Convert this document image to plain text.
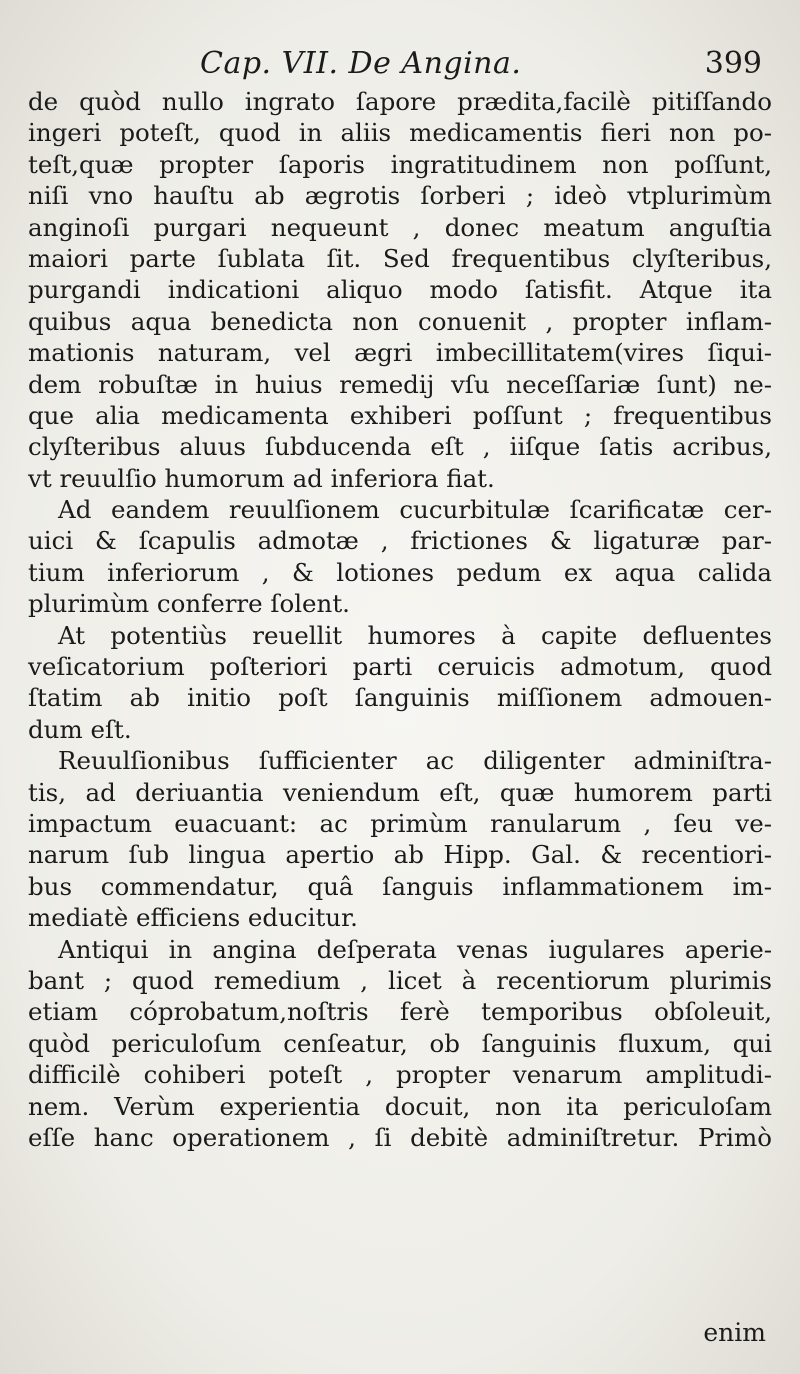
Cap. VII. De Angina.	399
de quòd nullo ingrato ſapore prædita,facilè pitiſſando
ingeri poteſt, quod in aliis medicamentis fieri non po-
teſt,quæ propter ſaporis ingratitudinem non poſſunt,
niſi vno hauſtu ab ægrotis ſorberi ; ideò vtplurimùm
anginoſi purgari nequeunt , donec meatum anguſtia
maiori parte ſublata ſit. Sed frequentibus clyſteribus,
purgandi indicationi aliquo modo ſatisfit. Atque ita
quibus aqua benedicta non conuenit , propter inflam-
mationis naturam, vel ægri imbecillitatem(vires ſiqui-
dem robuſtæ in huius remedij vſu neceſſariæ ſunt) ne-
que alia medicamenta exhiberi poſſunt ; frequentibus
clyſteribus aluus ſubducenda eſt , iiſque ſatis acribus,
vt reuulſio humorum ad inferiora fiat.
Ad eandem reuulſionem cucurbitulæ ſcarificatæ cer-
uici & ſcapulis admotæ , frictiones & ligaturæ par-
tium inferiorum , & lotiones pedum ex aqua calida
plurimùm conferre ſolent.
At potentiùs reuellit humores à capite defluentes
veſicatorium poſteriori parti ceruicis admotum, quod
ſtatim ab initio poſt ſanguinis miſſionem admouen-
dum eſt.
Reuulſionibus ſufficienter ac diligenter adminiſtra-
tis, ad deriuantia veniendum eſt, quæ humorem parti
impactum euacuant: ac primùm ranularum , ſeu ve-
narum ſub lingua apertio ab Hipp. Gal. & recentiori-
bus commendatur, quâ ſanguis inflammationem im-
mediatè efficiens educitur.
Antiqui in angina deſperata venas iugulares aperie-
bant ; quod remedium , licet à recentiorum plurimis
etiam cóprobatum,noſtris ferè temporibus obſoleuit,
quòd periculoſum cenſeatur, ob ſanguinis fluxum, qui
difficilè cohiberi poteſt , propter venarum amplitudi-
nem. Verùm experientia docuit, non ita periculoſam
eſſe hanc operationem , ſi debitè adminiſtretur. Primò
enim
